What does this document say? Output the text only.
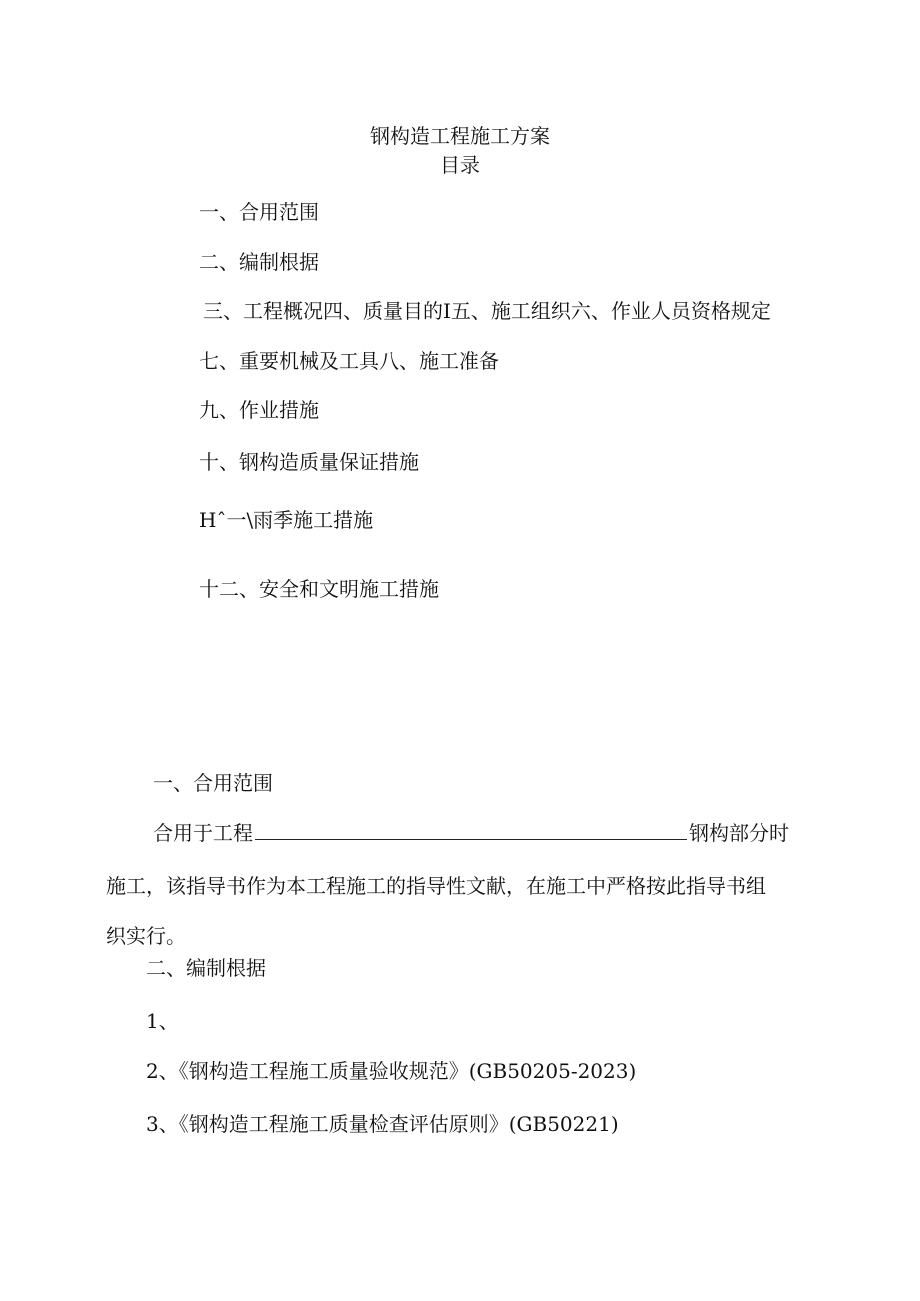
钢构造工程施工方案
目录
一、合用范围
二、编制根据
三、工程概况四、质量目的I五、施工组织六、作业人员资格规定
七、重要机械及工具八、施工准备
九、作业措施
十、钢构造质量保证措施
Hˆ一\雨季施工措施
十二、安全和文明施工措施
一、合用范围
合用于工程	钢构部分时
施工，该指导书作为本工程施工的指导性文献，在施工中严格按此指导书组
织实行。
二、编制根据
1、
2、《钢构造工程施工质量验收规范》(GB50205-2023)
3、《钢构造工程施工质量检查评估原则》(GB50221)
